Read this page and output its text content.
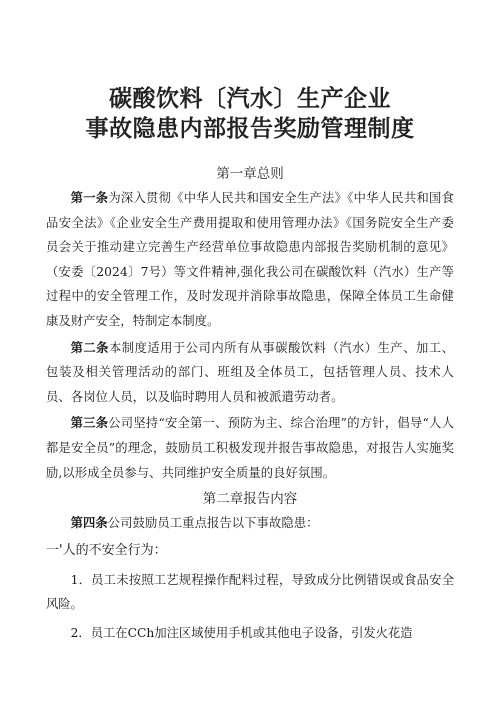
碳酸饮料〔汽水〕生产企业
事故隐患内部报告奖励管理制度
第一章总则

第一条为深入贯彻《中华人民共和国安全生产法》《中华人民共和国食品安全法》《企业安全生产费用提取和使用管理办法》《国务院安全生产委员会关于推动建立完善生产经营单位事故隐患内部报告奖励机制的意见》（安委〔2024〕7号）等文件精神,强化我公司在碳酸饮料（汽水）生产等过程中的安全管理工作，及时发现并消除事故隐患，保障全体员工生命健康及财产安全，特制定本制度。

第二条本制度适用于公司内所有从事碳酸饮料（汽水）生产、加工、包装及相关管理活动的部门、班组及全体员工，包括管理人员、技术人员、各岗位人员，以及临时聘用人员和被派遣劳动者。

第三条公司坚持“安全第一、预防为主、综合治理”的方针，倡导“人人都是安全员”的理念，鼓励员工积极发现并报告事故隐患，对报告人实施奖励,以形成全员参与、共同维护安全质量的良好氛围。

第二章报告内容

第四条公司鼓励员工重点报告以下事故隐患：

一'人的不安全行为：

1．员工未按照工艺规程操作配料过程，导致成分比例错误或食品安全风险。

2．员工在CCh加注区域使用手机或其他电子设备，引发火花造
